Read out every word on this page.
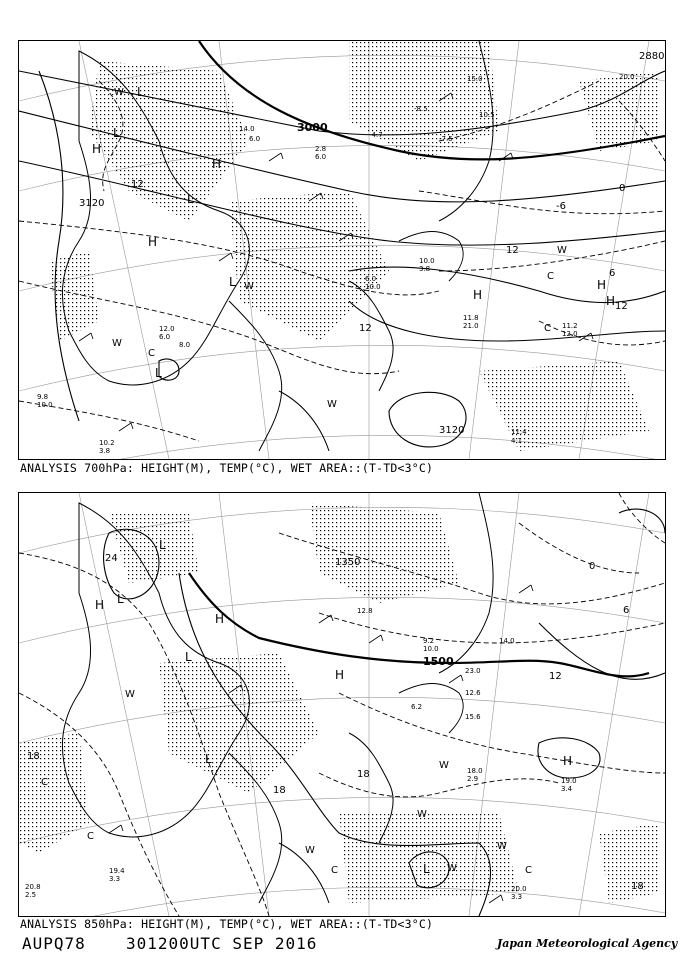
3000
2880
3120
3120
12	0
6
12
12
12
-6
H
H
H	H
H
H
L
L
L
L
L
W
W
W
W
C
C
C
W
14.0
6.0
10.0
3.8
11.8
21.0	11.2
12.0
6.0
10.0
2.8
6.0
20.0
15.0
11.4
4.1
10.2
3.8
9.8
10.0
-8.5
-4.7	-7.5
10.5
12.0
6.0
8.0
ANALYSIS 700hPa: HEIGHT(M), TEMP(°C), WET AREA::(T-TD<3°C)
1500
1350
24
12
18
18
18
18
0
6
H
H
H
H
L
L
L
L
L
W
W
W
W	W
C
C
C	C
W
18.0
2.9	19.0
3.4
20.0
3.3
15.6
12.6
23.0
6.2
14.0
19.4
3.3
20.8
2.5
12.8
9.2
10.0
ANALYSIS 850hPa: HEIGHT(M), TEMP(°C), WET AREA::(T-TD<3°C)
AUPQ78	301200UTC SEP 2016	Japan Meteorological Agency
